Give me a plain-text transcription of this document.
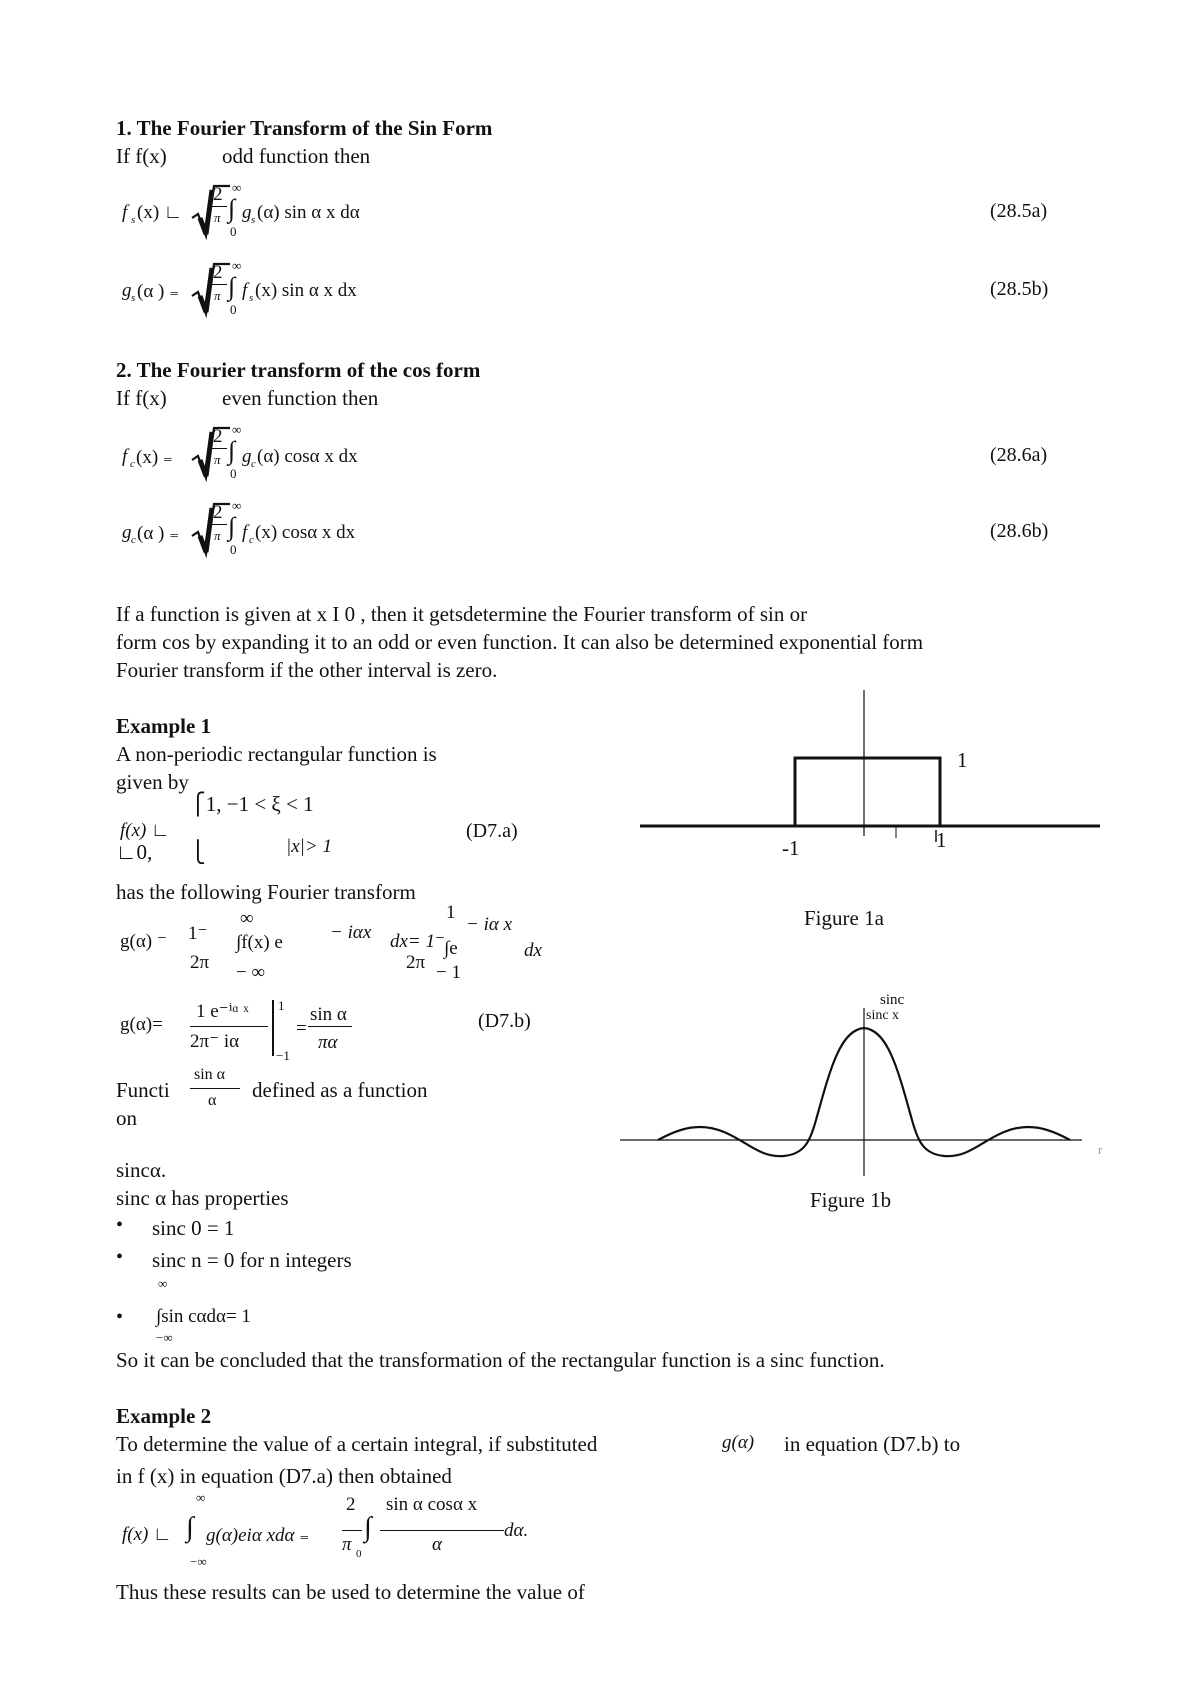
1. The Fourier Transform of the Sin Form
If f(x)	odd function then
f s (x) ∟
2
π
∞
∫
0
g s (α) sin α x dα	(28.5a)
g s (α ) ₌
2
π
∞
∫
0
f s (x) sin α x dx	(28.5b)
2. The Fourier transform of the cos form
If f(x)	even function then
f c (x) ₌
2
π
∞
∫
0
g c (α) cosα x dx	(28.6a)
g c (α ) ₌
2
π
∞
∫
0
f c (x) cosα x dx	(28.6b)
If a function is given at x I 0 , then it getsdetermine the Fourier transform of sin or
form cos by expanding it to an odd or even function. It can also be determined exponential form
Fourier transform if the other interval is zero.
Example 1
A non-periodic rectangular function is
given by
⎧1, −1 < ξ < 1
f(x) ∟	(D7.a)
∟0, ⎩	|x|> 1
has the following Fourier transform
g(α) ⁻ 1⁻
2π
∞
− ∞
∫f(x) e − iαx dx= 1⁻
2π
1
− 1
∫e
− iα x
dx
g(α)=
1 e⁻ⁱᵅ ˣ
2π⁻ iα
1
−1
=
sin α
πα
(D7.b)
Functi
sin α
α defined as a function
on
sincα.
sinc α has properties
• sinc 0 = 1
• sinc n = 0 for n integers
•
∞
∫sin cαdα= 1
−∞
So it can be concluded that the transformation of the rectangular function is a sinc function.
1
-1	1
Figure 1a
sinc
sinc x
r
Figure 1b
Example 2
To determine the value of a certain integral, if substituted	g(α) in equation (D7.b) to
in f (x) in equation (D7.a) then obtained
∞
f(x) ∟ ∫ g(α)eiα xdα ₌
−∞
2
π 0
∫
sin α cosα x
α
dα.
Thus these results can be used to determine the value of
